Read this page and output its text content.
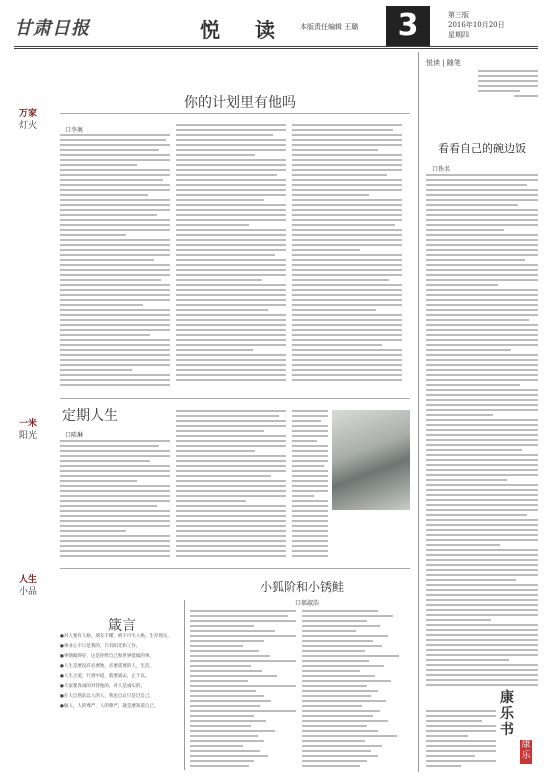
甘肃日报	悦 读 本版责任编辑 王璐	3	第三版
2016年10月20日
星期四
万家
灯火
一米
阳光
人生
小品
你的计划里有他吗
口李奥
定期人生
口陈琳
箴言
●对人要有人格，朋友不懂，被不可失人格，生存现实。
●事业心不只是我的，只有阳光和工作。
●事情做得好，这是你给自己和世界能做的事。
●人生是要没有必要地，必要需要的人，生活。
●人生之道，行到中道，就要减去，止于以。
●大家要真诚的对待他的，对人是诚实的。
●在大自然前以人的人，我也自认只是过自己。
●做人，人的尊严，人的尊严，就是要知道自己。
小狐阶和小锈鲑
口郝淑浩
悦读 | 随笔
看看自己的碗边饭
口佚名
康乐书
康乐
